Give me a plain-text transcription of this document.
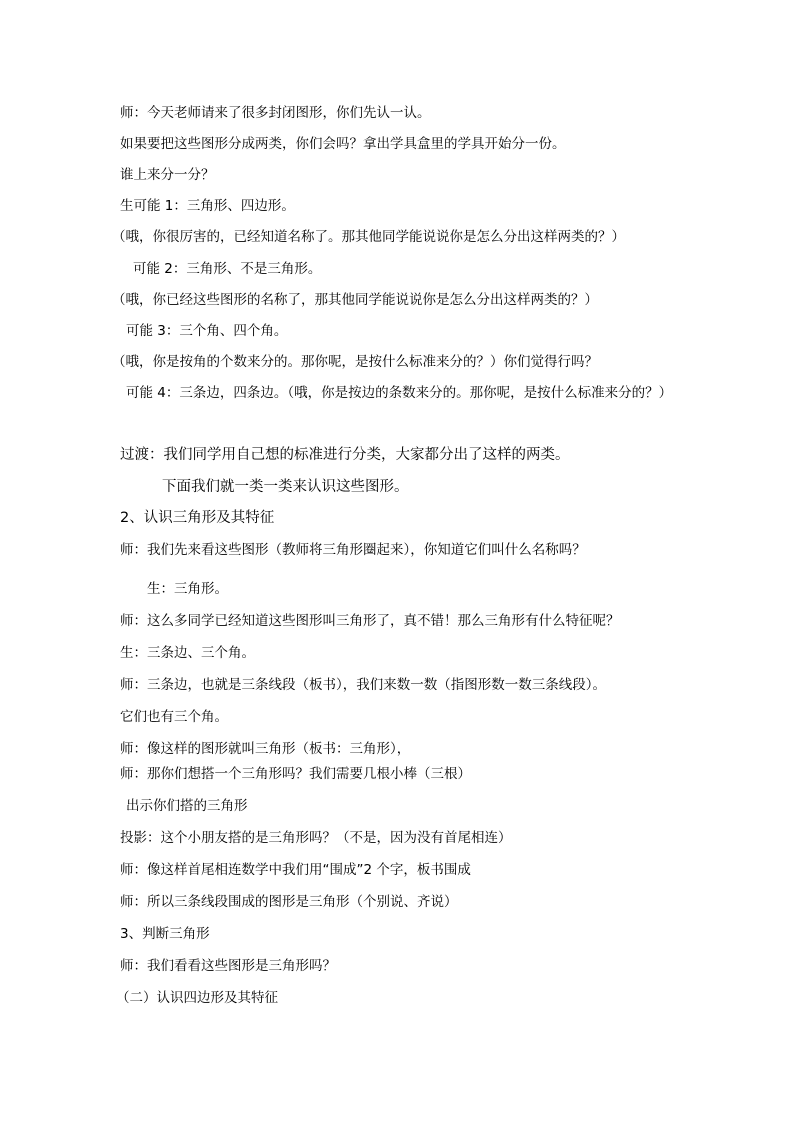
师：今天老师请来了很多封闭图形，你们先认一认。
如果要把这些图形分成两类，你们会吗？拿出学具盒里的学具开始分一份。
谁上来分一分？
生可能 1：三角形、四边形。
（哦，你很厉害的，已经知道名称了。那其他同学能说说你是怎么分出这样两类的？）
可能 2：三角形、不是三角形。
（哦，你已经这些图形的名称了，那其他同学能说说你是怎么分出这样两类的？）
可能 3：三个角、四个角。
（哦，你是按角的个数来分的。那你呢，是按什么标准来分的？）你们觉得行吗？
可能 4：三条边，四条边。（哦，你是按边的条数来分的。那你呢，是按什么标准来分的？）
过渡：我们同学用自己想的标准进行分类，大家都分出了这样的两类。
下面我们就一类一类来认识这些图形。
2、认识三角形及其特征
师：我们先来看这些图形（教师将三角形圈起来），你知道它们叫什么名称吗？
生：三角形。
师：这么多同学已经知道这些图形叫三角形了，真不错！那么三角形有什么特征呢？
生：三条边、三个角。
师：三条边，也就是三条线段（板书），我们来数一数（指图形数一数三条线段）。
它们也有三个角。
师：像这样的图形就叫三角形（板书：三角形），
师：那你们想搭一个三角形吗？我们需要几根小棒（三根）
出示你们搭的三角形
投影：这个小朋友搭的是三角形吗？（不是，因为没有首尾相连）
师：像这样首尾相连数学中我们用“围成”2 个字，板书围成
师：所以三条线段围成的图形是三角形（个别说、齐说）
3、判断三角形
师：我们看看这些图形是三角形吗？
（二）认识四边形及其特征
